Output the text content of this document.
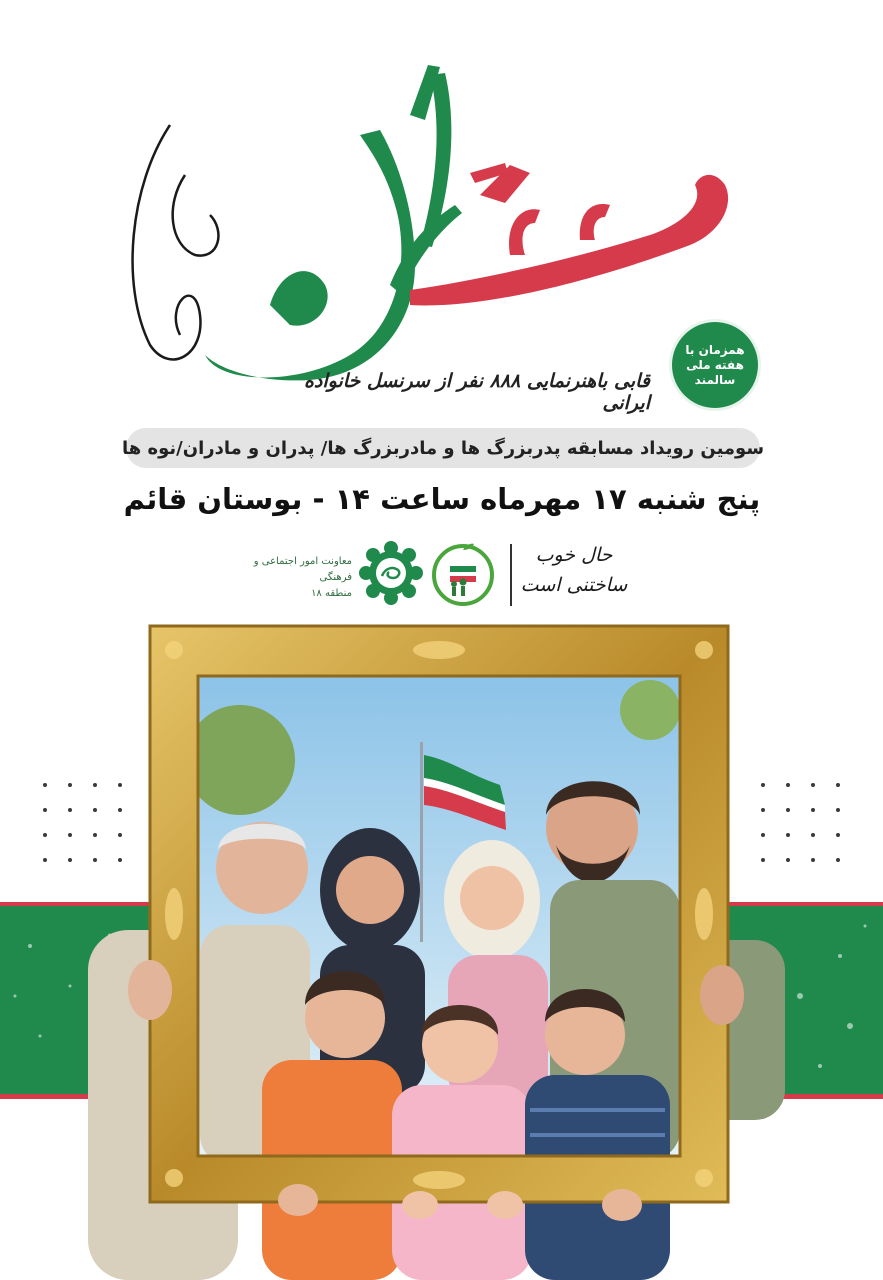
همزمان با
هفته ملی
سالمند
قابی باهنرنمایی ۸۸۸ نفر از سرنسل خانواده ایرانی
سومین رویداد مسابقه پدربزرگ ها و مادربزرگ ها/ پدران و مادران/نوه ها
پنج شنبه ۱۷ مهرماه ساعت ۱۴ - بوستان قائم
حال خوب
ساختنی است
معاونت امور اجتماعی و فرهنگی
منطقه ۱۸
